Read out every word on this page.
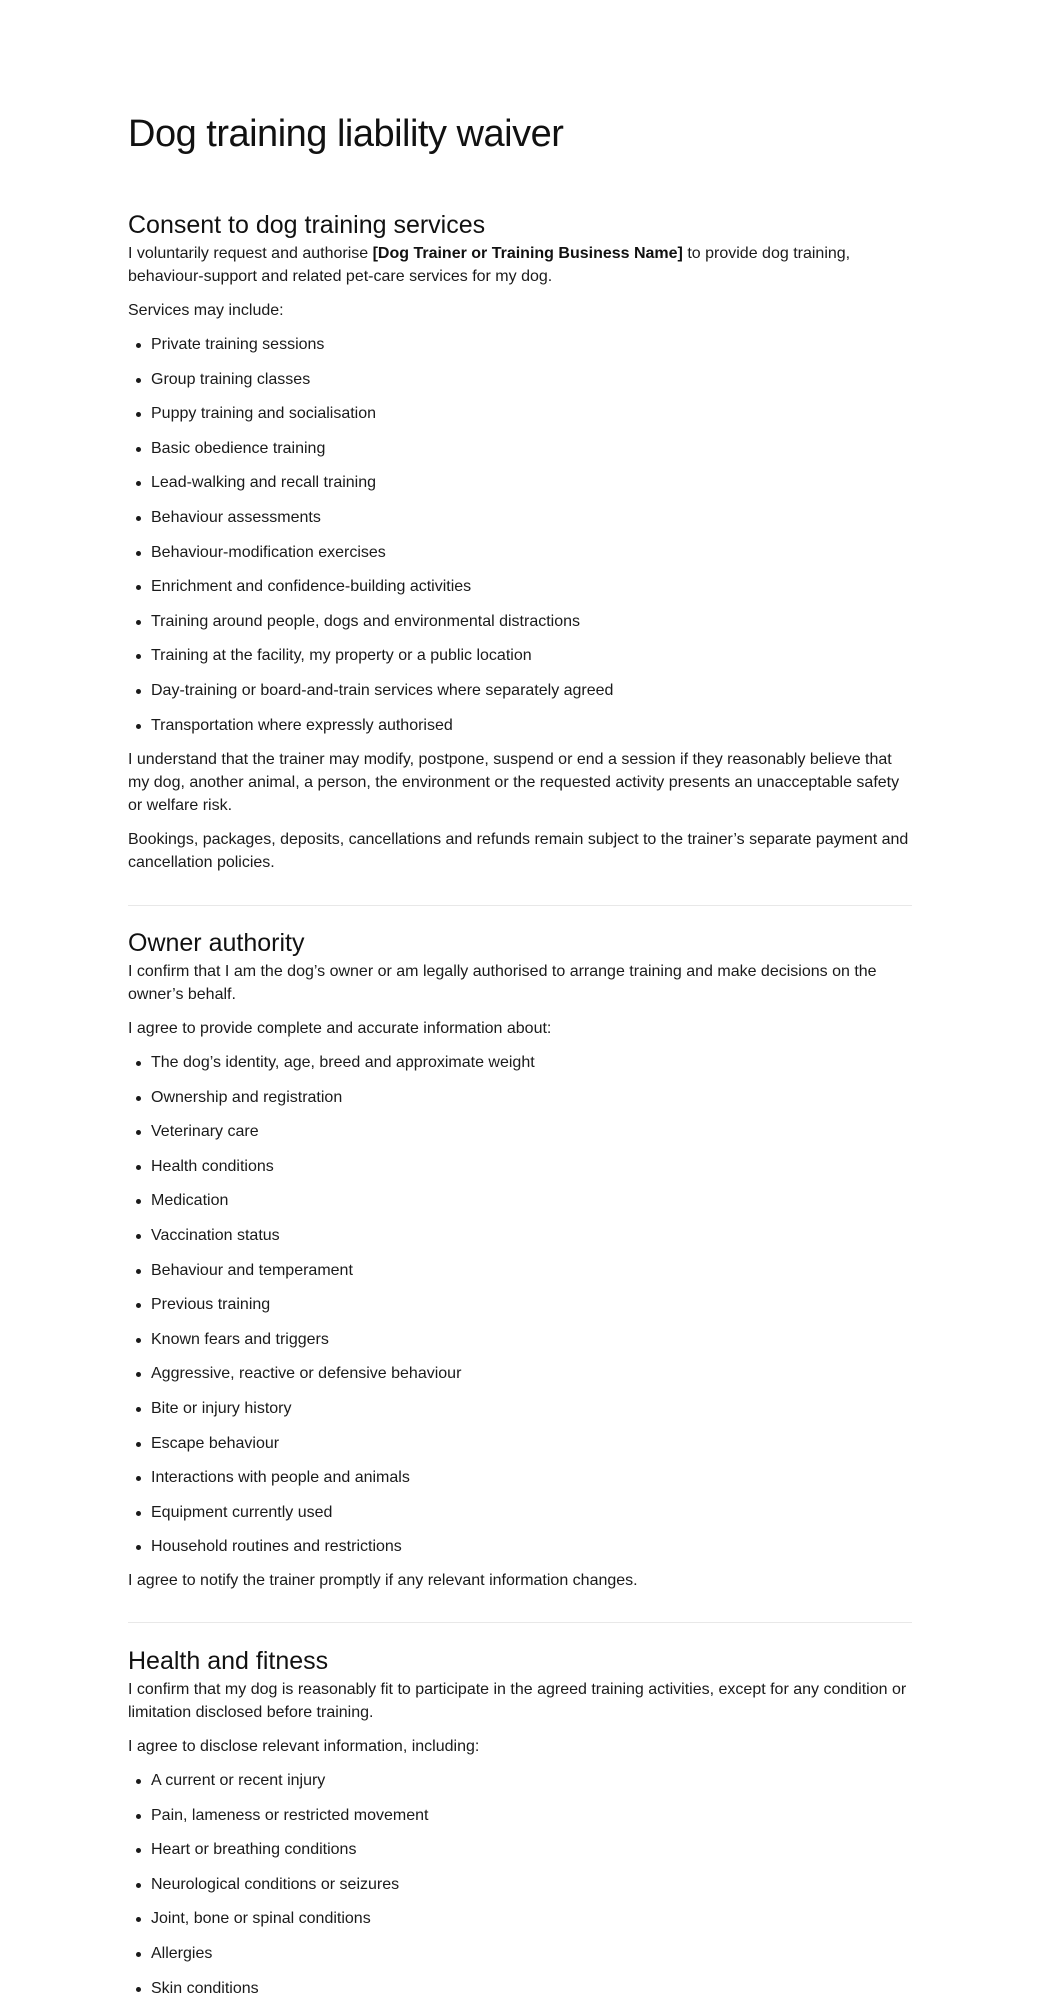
Dog training liability waiver
Consent to dog training services

I voluntarily request and authorise [Dog Trainer or Training Business Name] to provide dog training, behaviour-support and related pet-care services for my dog.

Services may include:

Private training sessions
Group training classes
Puppy training and socialisation
Basic obedience training
Lead-walking and recall training
Behaviour assessments
Behaviour-modification exercises
Enrichment and confidence-building activities
Training around people, dogs and environmental distractions
Training at the facility, my property or a public location
Day-training or board-and-train services where separately agreed
Transportation where expressly authorised

I understand that the trainer may modify, postpone, suspend or end a session if they reasonably believe that my dog, another animal, a person, the environment or the requested activity presents an unacceptable safety or welfare risk.

Bookings, packages, deposits, cancellations and refunds remain subject to the trainer’s separate payment and cancellation policies.

Owner authority

I confirm that I am the dog’s owner or am legally authorised to arrange training and make decisions on the owner’s behalf.

I agree to provide complete and accurate information about:

The dog’s identity, age, breed and approximate weight
Ownership and registration
Veterinary care
Health conditions
Medication
Vaccination status
Behaviour and temperament
Previous training
Known fears and triggers
Aggressive, reactive or defensive behaviour
Bite or injury history
Escape behaviour
Interactions with people and animals
Equipment currently used
Household routines and restrictions

I agree to notify the trainer promptly if any relevant information changes.

Health and fitness

I confirm that my dog is reasonably fit to participate in the agreed training activities, except for any condition or limitation disclosed before training.

I agree to disclose relevant information, including:

A current or recent injury
Pain, lameness or restricted movement
Heart or breathing conditions
Neurological conditions or seizures
Joint, bone or spinal conditions
Allergies
Skin conditions
